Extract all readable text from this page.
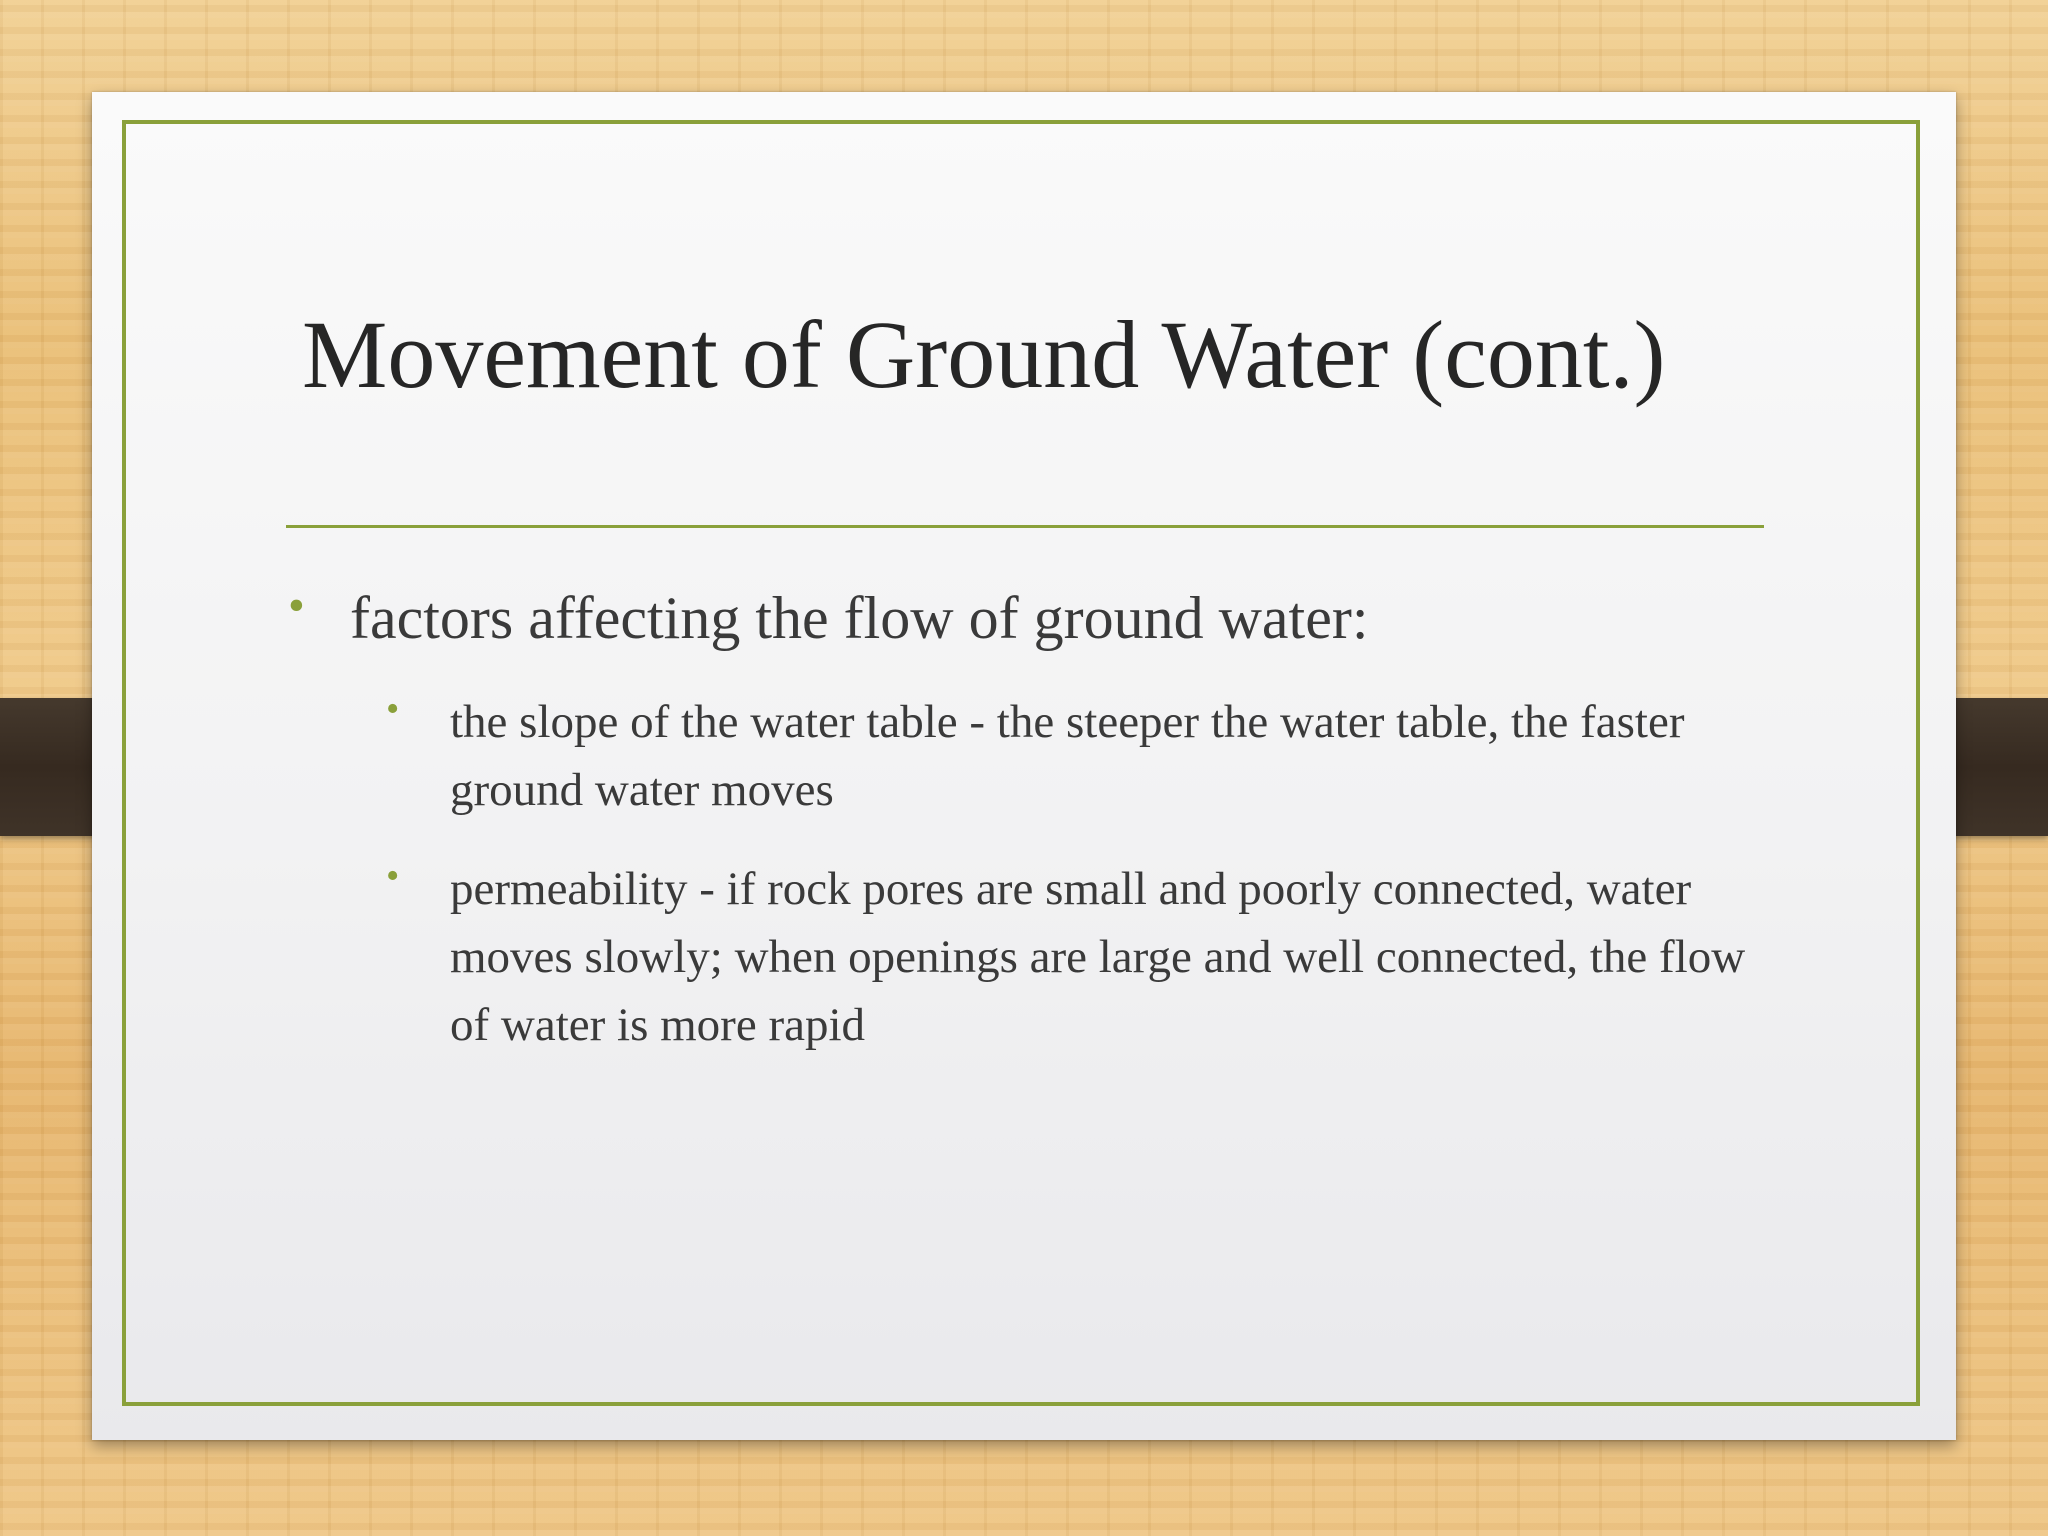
Movement of Ground Water (cont.)
• factors affecting the flow of ground water:

• the slope of the water table - the steeper the water table, the faster ground water moves

• permeability - if rock pores are small and poorly connected, water moves slowly; when openings are large and well connected, the flow of water is more rapid
